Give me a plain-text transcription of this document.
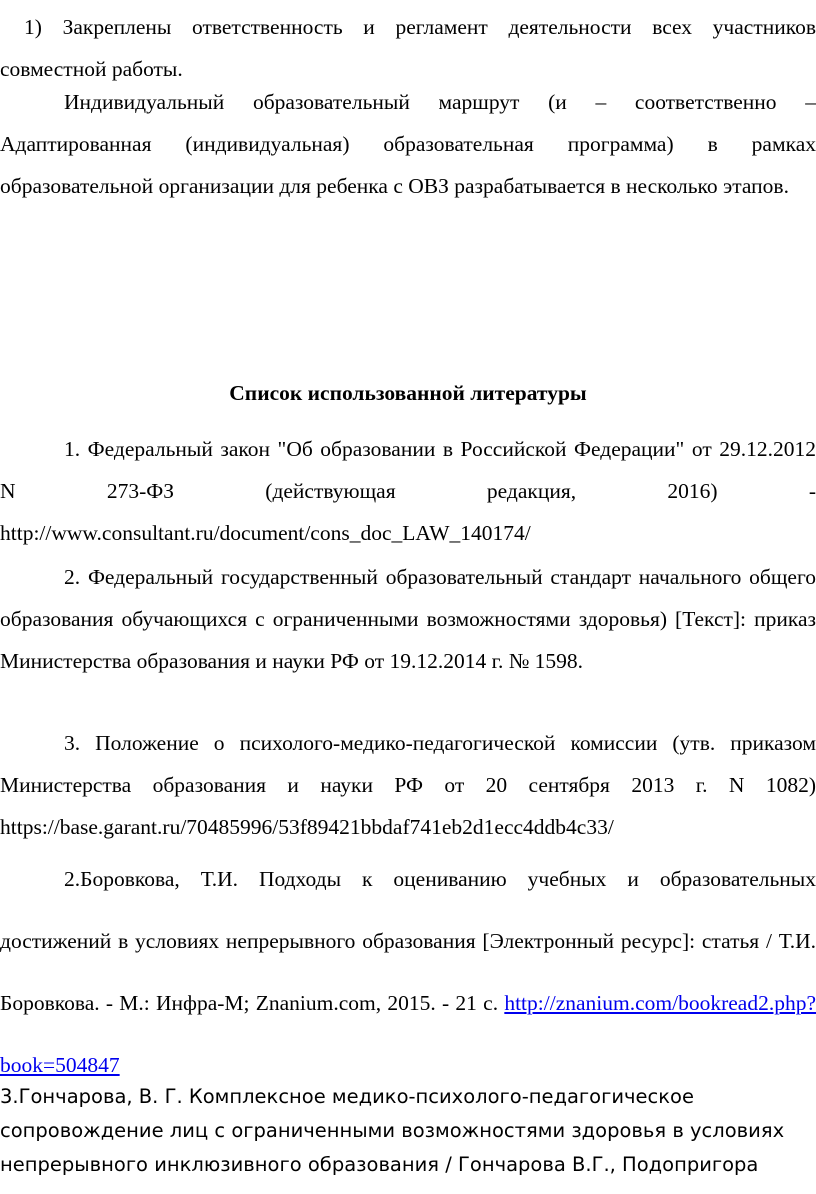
1) Закреплены ответственность и регламент деятельности всех участников совместной работы.
Индивидуальный образовательный маршрут (и – соответственно – Адаптированная (индивидуальная) образовательная программа) в рамках образовательной организации для ребенка с ОВЗ разрабатывается в несколько этапов.
Список использованной литературы
1. Федеральный закон "Об образовании в Российской Федерации" от 29.12.2012 N 273-ФЗ (действующая редакция, 2016) - http://www.consultant.ru/document/cons_doc_LAW_140174/
2. Федеральный государственный образовательный стандарт начального общего образования обучающихся с ограниченными возможностями здоровья) [Текст]: приказ Министерства образования и науки РФ от 19.12.2014 г. № 1598.
3. Положение о психолого-медико-педагогической комиссии (утв. приказом Министерства образования и науки РФ от 20 сентября 2013 г. N 1082) https://base.garant.ru/70485996/53f89421bbdaf741eb2d1ecc4ddb4c33/
2.Боровкова, Т.И. Подходы к оцениванию учебных и образовательных достижений в условиях непрерывного образования [Электронный ресурс]: статья / Т.И. Боровкова. - М.: Инфра-М; Znanium.com, 2015. - 21 с. http://znanium.com/bookread2.php?book=504847
3.Гончарова, В. Г. Комплексное медико-психолого-педагогическое сопровождение лиц с ограниченными возможностями здоровья в условиях непрерывного инклюзивного образования / Гончарова В.Г., Подопригора
